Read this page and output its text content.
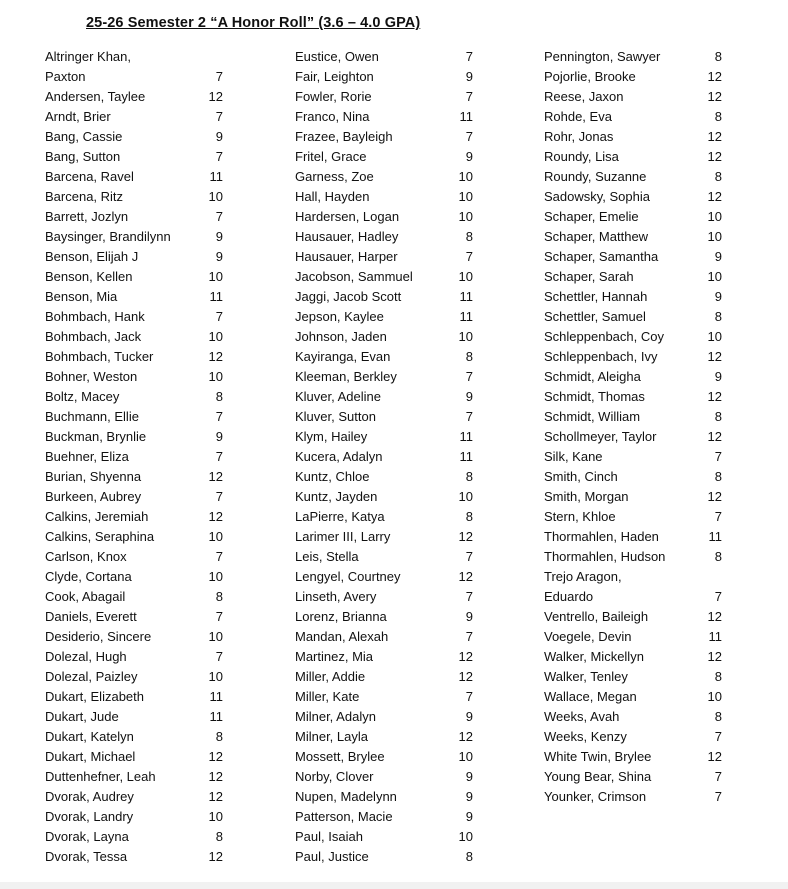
25-26 Semester 2 “A Honor Roll” (3.6 – 4.0 GPA)
Altringer Khan, Paxton	7
Andersen, Taylee	12
Arndt, Brier	7
Bang, Cassie	9
Bang, Sutton	7
Barcena, Ravel	11
Barcena, Ritz	10
Barrett, Jozlyn	7
Baysinger, Brandilynn	9
Benson, Elijah J	9
Benson, Kellen	10
Benson, Mia	11
Bohmbach, Hank	7
Bohmbach, Jack	10
Bohmbach, Tucker	12
Bohner, Weston	10
Boltz, Macey	8
Buchmann, Ellie	7
Buckman, Brynlie	9
Buehner, Eliza	7
Burian, Shyenna	12
Burkeen, Aubrey	7
Calkins, Jeremiah	12
Calkins, Seraphina	10
Carlson, Knox	7
Clyde, Cortana	10
Cook, Abagail	8
Daniels, Everett	7
Desiderio, Sincere	10
Dolezal, Hugh	7
Dolezal, Paizley	10
Dukart, Elizabeth	11
Dukart, Jude	11
Dukart, Katelyn	8
Dukart, Michael	12
Duttenhefner, Leah	12
Dvorak, Audrey	12
Dvorak, Landry	10
Dvorak, Layna	8
Dvorak, Tessa	12
Eustice, Owen	7
Fair, Leighton	9
Fowler, Rorie	7
Franco, Nina	11
Frazee, Bayleigh	7
Fritel, Grace	9
Garness, Zoe	10
Hall, Hayden	10
Hardersen, Logan	10
Hausauer, Hadley	8
Hausauer, Harper	7
Jacobson, Sammuel	10
Jaggi, Jacob Scott	11
Jepson, Kaylee	11
Johnson, Jaden	10
Kayiranga, Evan	8
Kleeman, Berkley	7
Kluver, Adeline	9
Kluver, Sutton	7
Klym, Hailey	11
Kucera, Adalyn	11
Kuntz, Chloe	8
Kuntz, Jayden	10
LaPierre, Katya	8
Larimer III, Larry	12
Leis, Stella	7
Lengyel, Courtney	12
Linseth, Avery	7
Lorenz, Brianna	9
Mandan, Alexah	7
Martinez, Mia	12
Miller, Addie	12
Miller, Kate	7
Milner, Adalyn	9
Milner, Layla	12
Mossett, Brylee	10
Norby, Clover	9
Nupen, Madelynn	9
Patterson, Macie	9
Paul, Isaiah	10
Paul, Justice	8
Pennington, Sawyer	8
Pojorlie, Brooke	12
Reese, Jaxon	12
Rohde, Eva	8
Rohr, Jonas	12
Roundy, Lisa	12
Roundy, Suzanne	8
Sadowsky, Sophia	12
Schaper, Emelie	10
Schaper, Matthew	10
Schaper, Samantha	9
Schaper, Sarah	10
Schettler, Hannah	9
Schettler, Samuel	8
Schleppenbach, Coy	10
Schleppenbach, Ivy	12
Schmidt, Aleigha	9
Schmidt, Thomas	12
Schmidt, William	8
Schollmeyer, Taylor	12
Silk, Kane	7
Smith, Cinch	8
Smith, Morgan	12
Stern, Khloe	7
Thormahlen, Haden	11
Thormahlen, Hudson	8
Trejo Aragon, Eduardo	7
Ventrello, Baileigh	12
Voegele, Devin	11
Walker, Mickellyn	12
Walker, Tenley	8
Wallace, Megan	10
Weeks, Avah	8
Weeks, Kenzy	7
White Twin, Brylee	12
Young Bear, Shina	7
Younker, Crimson	7
